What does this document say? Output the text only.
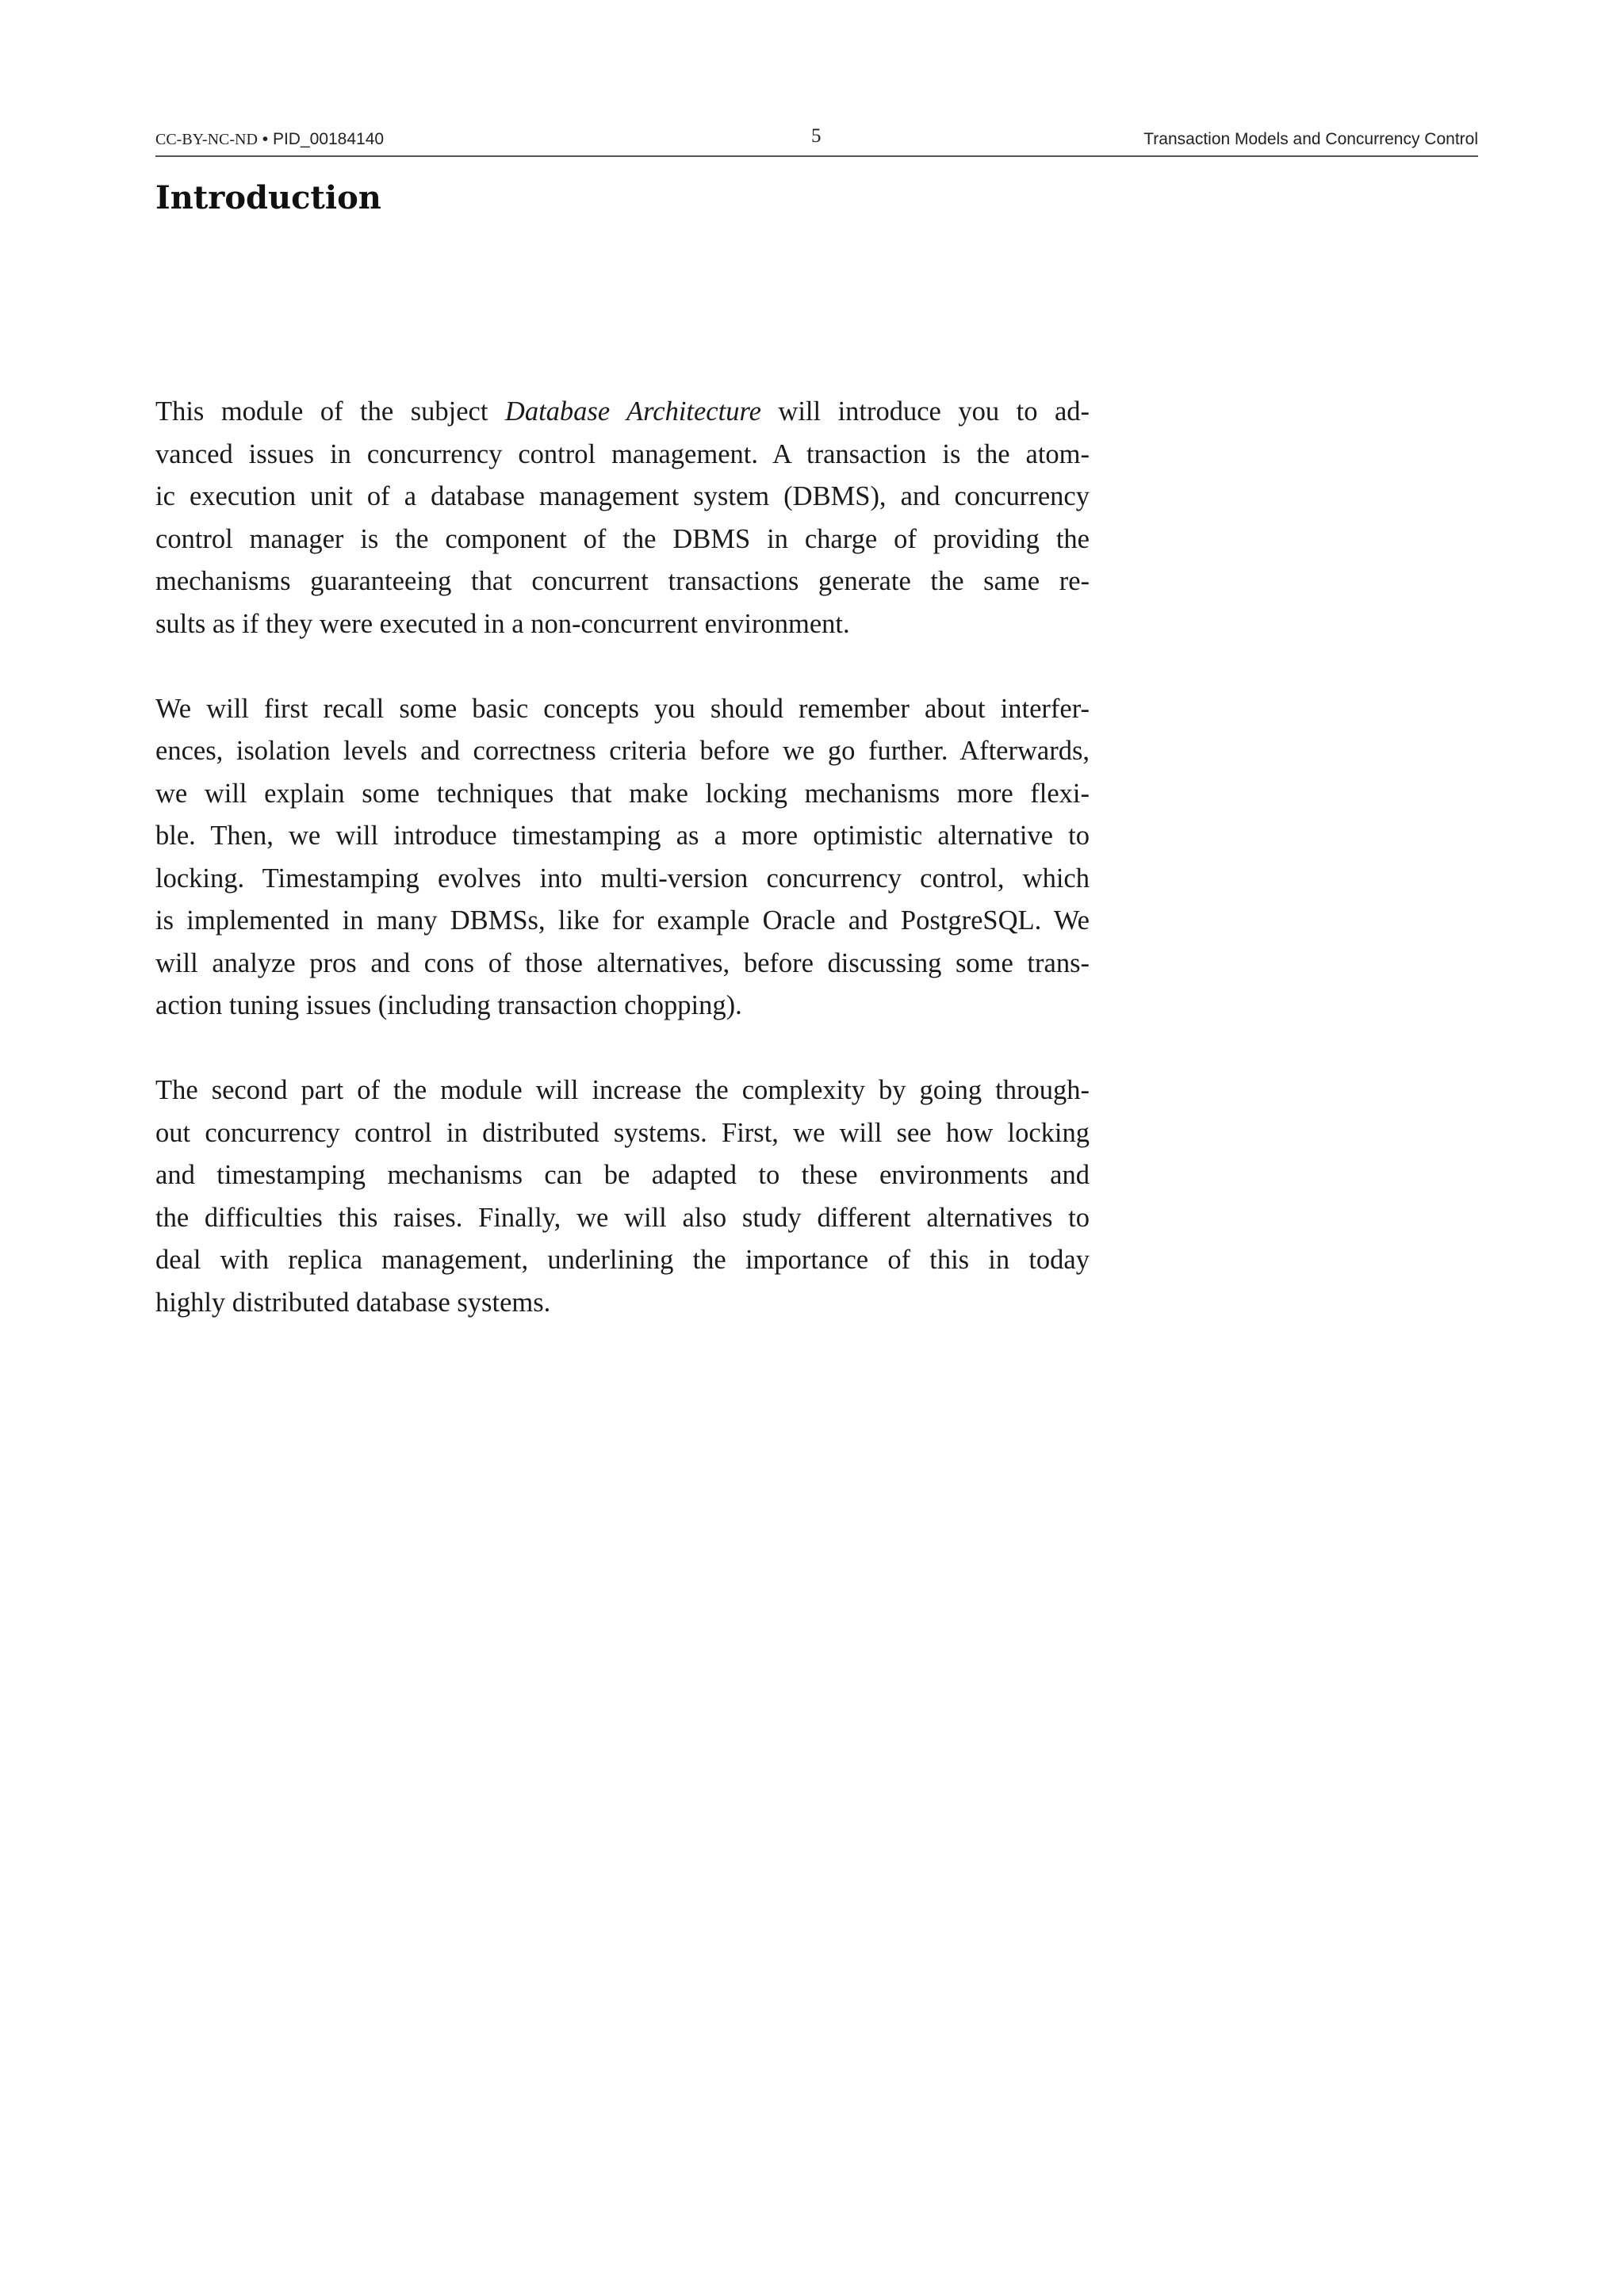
CC-BY-NC-ND • PID_00184140	5	Transaction Models and Concurrency Control
Introduction

This module of the subject Database Architecture will introduce you to ad-
vanced issues in concurrency control management. A transaction is the atom-
ic execution unit of a database management system (DBMS), and concurrency
control manager is the component of the DBMS in charge of providing the
mechanisms guaranteeing that concurrent transactions generate the same re-
sults as if they were executed in a non-concurrent environment.

We will first recall some basic concepts you should remember about interfer-
ences, isolation levels and correctness criteria before we go further. Afterwards,
we will explain some techniques that make locking mechanisms more flexi-
ble. Then, we will introduce timestamping as a more optimistic alternative to
locking. Timestamping evolves into multi-version concurrency control, which
is implemented in many DBMSs, like for example Oracle and PostgreSQL. We
will analyze pros and cons of those alternatives, before discussing some trans-
action tuning issues (including transaction chopping).

The second part of the module will increase the complexity by going through-
out concurrency control in distributed systems. First, we will see how locking
and timestamping mechanisms can be adapted to these environments and
the difficulties this raises. Finally, we will also study different alternatives to
deal with replica management, underlining the importance of this in today
highly distributed database systems.
